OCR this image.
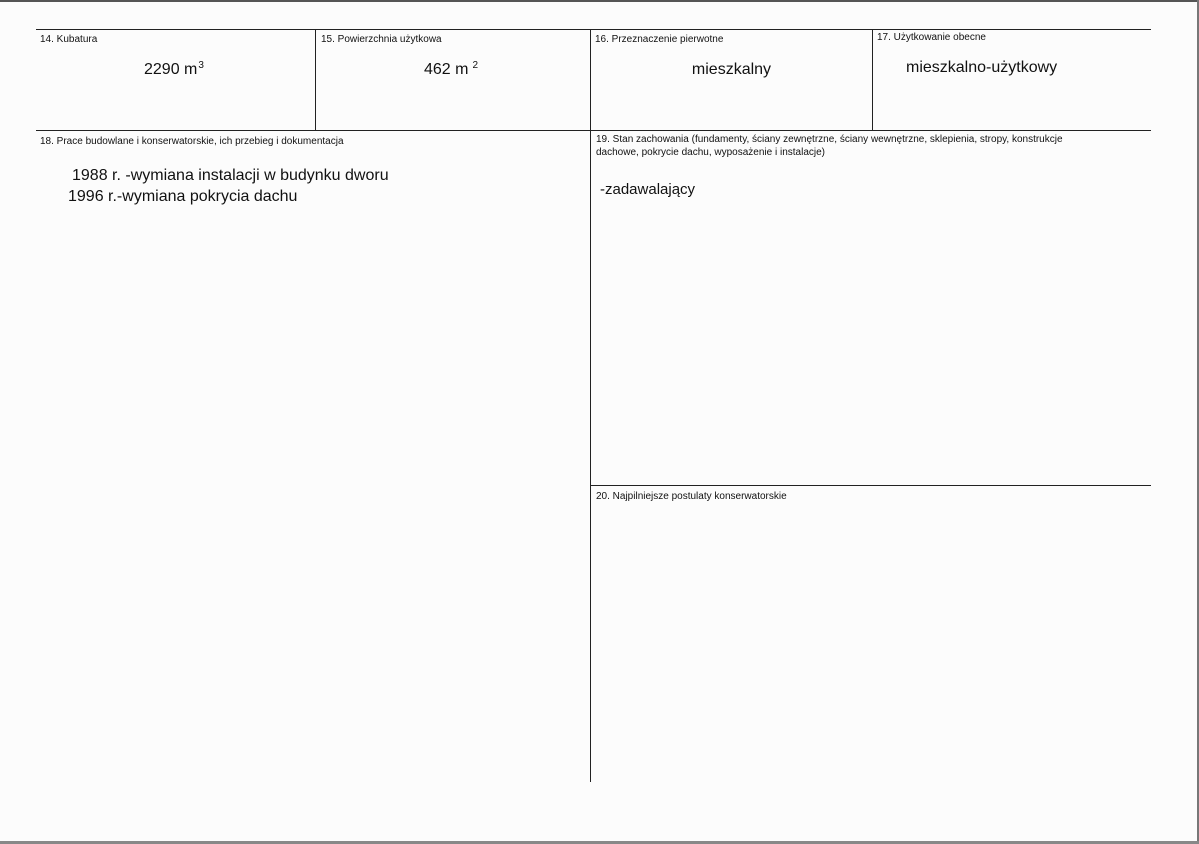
14. Kubatura
2290 $m^3$
15. Powierzchnia użytkowa
462 m $^2$
16. Przeznaczenie pierwotne
mieszkalny
17. Użytkowanie obecne
mieszkalno-użytkowy
18. Prace budowlane i konserwatorskie, ich przebieg i dokumentacja
1988 r. -wymiana instalacji w budynku dworu
1996 r.-wymiana pokrycia dachu
19. Stan zachowania (fundamenty, ściany zewnętrzne, ściany wewnętrzne, sklepienia, stropy, konstrukcje dachowe, pokrycie dachu, wyposażenie i instalacje)
-zadawalający
20. Najpilniejsze postulaty konserwatorskie
